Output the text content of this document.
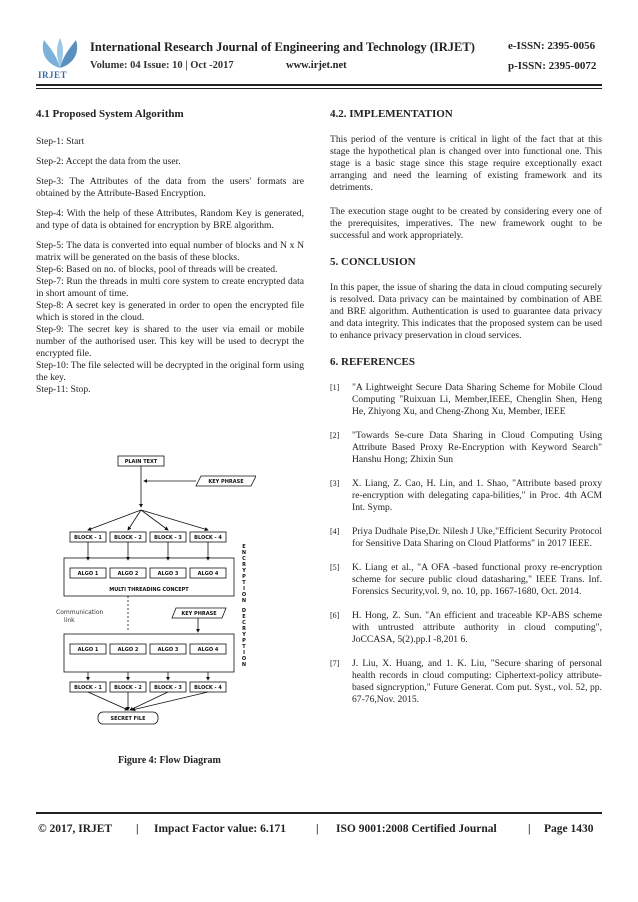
IRJET
International Research Journal of Engineering and Technology (IRJET)	e-ISSN: 2395-0056
Volume: 04 Issue: 10 | Oct -2017	www.irjet.net	p-ISSN: 2395-0072
4.1 Proposed System Algorithm

Step-1: Start

Step-2: Accept the data from the user.

Step-3: The Attributes of the data from the users' formats are obtained by the Attribute-Based Encryption.

Step-4: With the help of these Attributes, Random Key is generated, and type of data is obtained for encryption by BRE algorithm.

Step-5: The data is converted into equal number of blocks and N x N matrix will be generated on the basis of these blocks.

Step-6: Based on no. of blocks, pool of threads will be created.

Step-7: Run the threads in multi core system to create encrypted data in short amount of time.

Step-8: A secret key is generated in order to open the encrypted file which is stored in the cloud.

Step-9: The secret key is shared to the user via email or mobile number of the authorised user. This key will be used to decrypt the encrypted file.

Step-10: The file selected will be decrypted in the original form using the key.

Step-11: Stop.

PLAIN TEXT
KEY PHRASE
BLOCK - 1 BLOCK - 2 BLOCK - 3 BLOCK - 4
ALGO 1	ALGO 2	ALGO 3	ALGO 4
MULTI THREADING CONCEPT
KEY PHRASE
ALGO 1	ALGO 2	ALGO 3	ALGO 4
BLOCK - 1 BLOCK - 2 BLOCK - 3 BLOCK - 4
SECRET FILE
Communication
link
E
N
C
R
Y
P
T
I
O
N
D
E
C
R
Y
P
T
I
O
N
Figure 4: Flow Diagram
4.2. IMPLEMENTATION

This period of the venture is critical in light of the fact that at this stage the hypothetical plan is changed over into functional one. This stage is a basic stage since this stage require exceptionally exact arranging and need the learning of existing framework and its detriments.

The execution stage ought to be created by considering every one of the prerequisites, imperatives. The new framework ought to be successful and work appropriately.

5. CONCLUSION

In this paper, the issue of sharing the data in cloud computing securely is resolved. Data privacy can be maintained by combination of ABE and BRE algorithm. Authentication is used to guarantee data privacy and data integrity. This indicates that the proposed system can be used to enhance privacy preservation in cloud services.

6. REFERENCES
[1] "A Lightweight Secure Data Sharing Scheme for Mobile Cloud Computing "Ruixuan Li, Member,IEEE, Chenglin Shen, Heng He, Zhiyong Xu, and Cheng-Zhong Xu, Member, IEEE
[2] "Towards Se-cure Data Sharing in Cloud Computing Using Attribute Based Proxy Re-Encryption with Keyword Search" Hanshu Hong; Zhixin Sun
[3] X. Liang, Z. Cao, H. Lin, and 1. Shao, "Attribute based proxy re-encryption with delegating capa-bilities," in Proc. 4th ACM Int. Symp.
[4] Priya Dudhale Pise,Dr. Nilesh J Uke,"Efficient Security Protocol for Sensitive Data Sharing on Cloud Platforms" in 2017 IEEE.
[5] K. Liang et al., "A OFA -based functional proxy re-encryption scheme for secure public cloud datasharing," IEEE Trans. Inf. Forensics Security,vol. 9, no. 10, pp. 1667-1680, Oct. 2014.
[6] H. Hong, Z. Sun. "An efficient and traceable KP-ABS scheme with untrusted attribute authority in cloud computing", JoCCASA, 5(2).pp.I -8,201 6.
[7] J. Liu, X. Huang, and 1. K. Liu, "Secure sharing of personal health records in cloud computing: Ciphertext-policy attribute-based signcryption," Future Generat. Com put. Syst., vol. 52, pp. 67-76,Nov. 2015.
© 2017, IRJET | Impact Factor value: 6.171	| ISO 9001:2008 Certified Journal	| Page 1430
